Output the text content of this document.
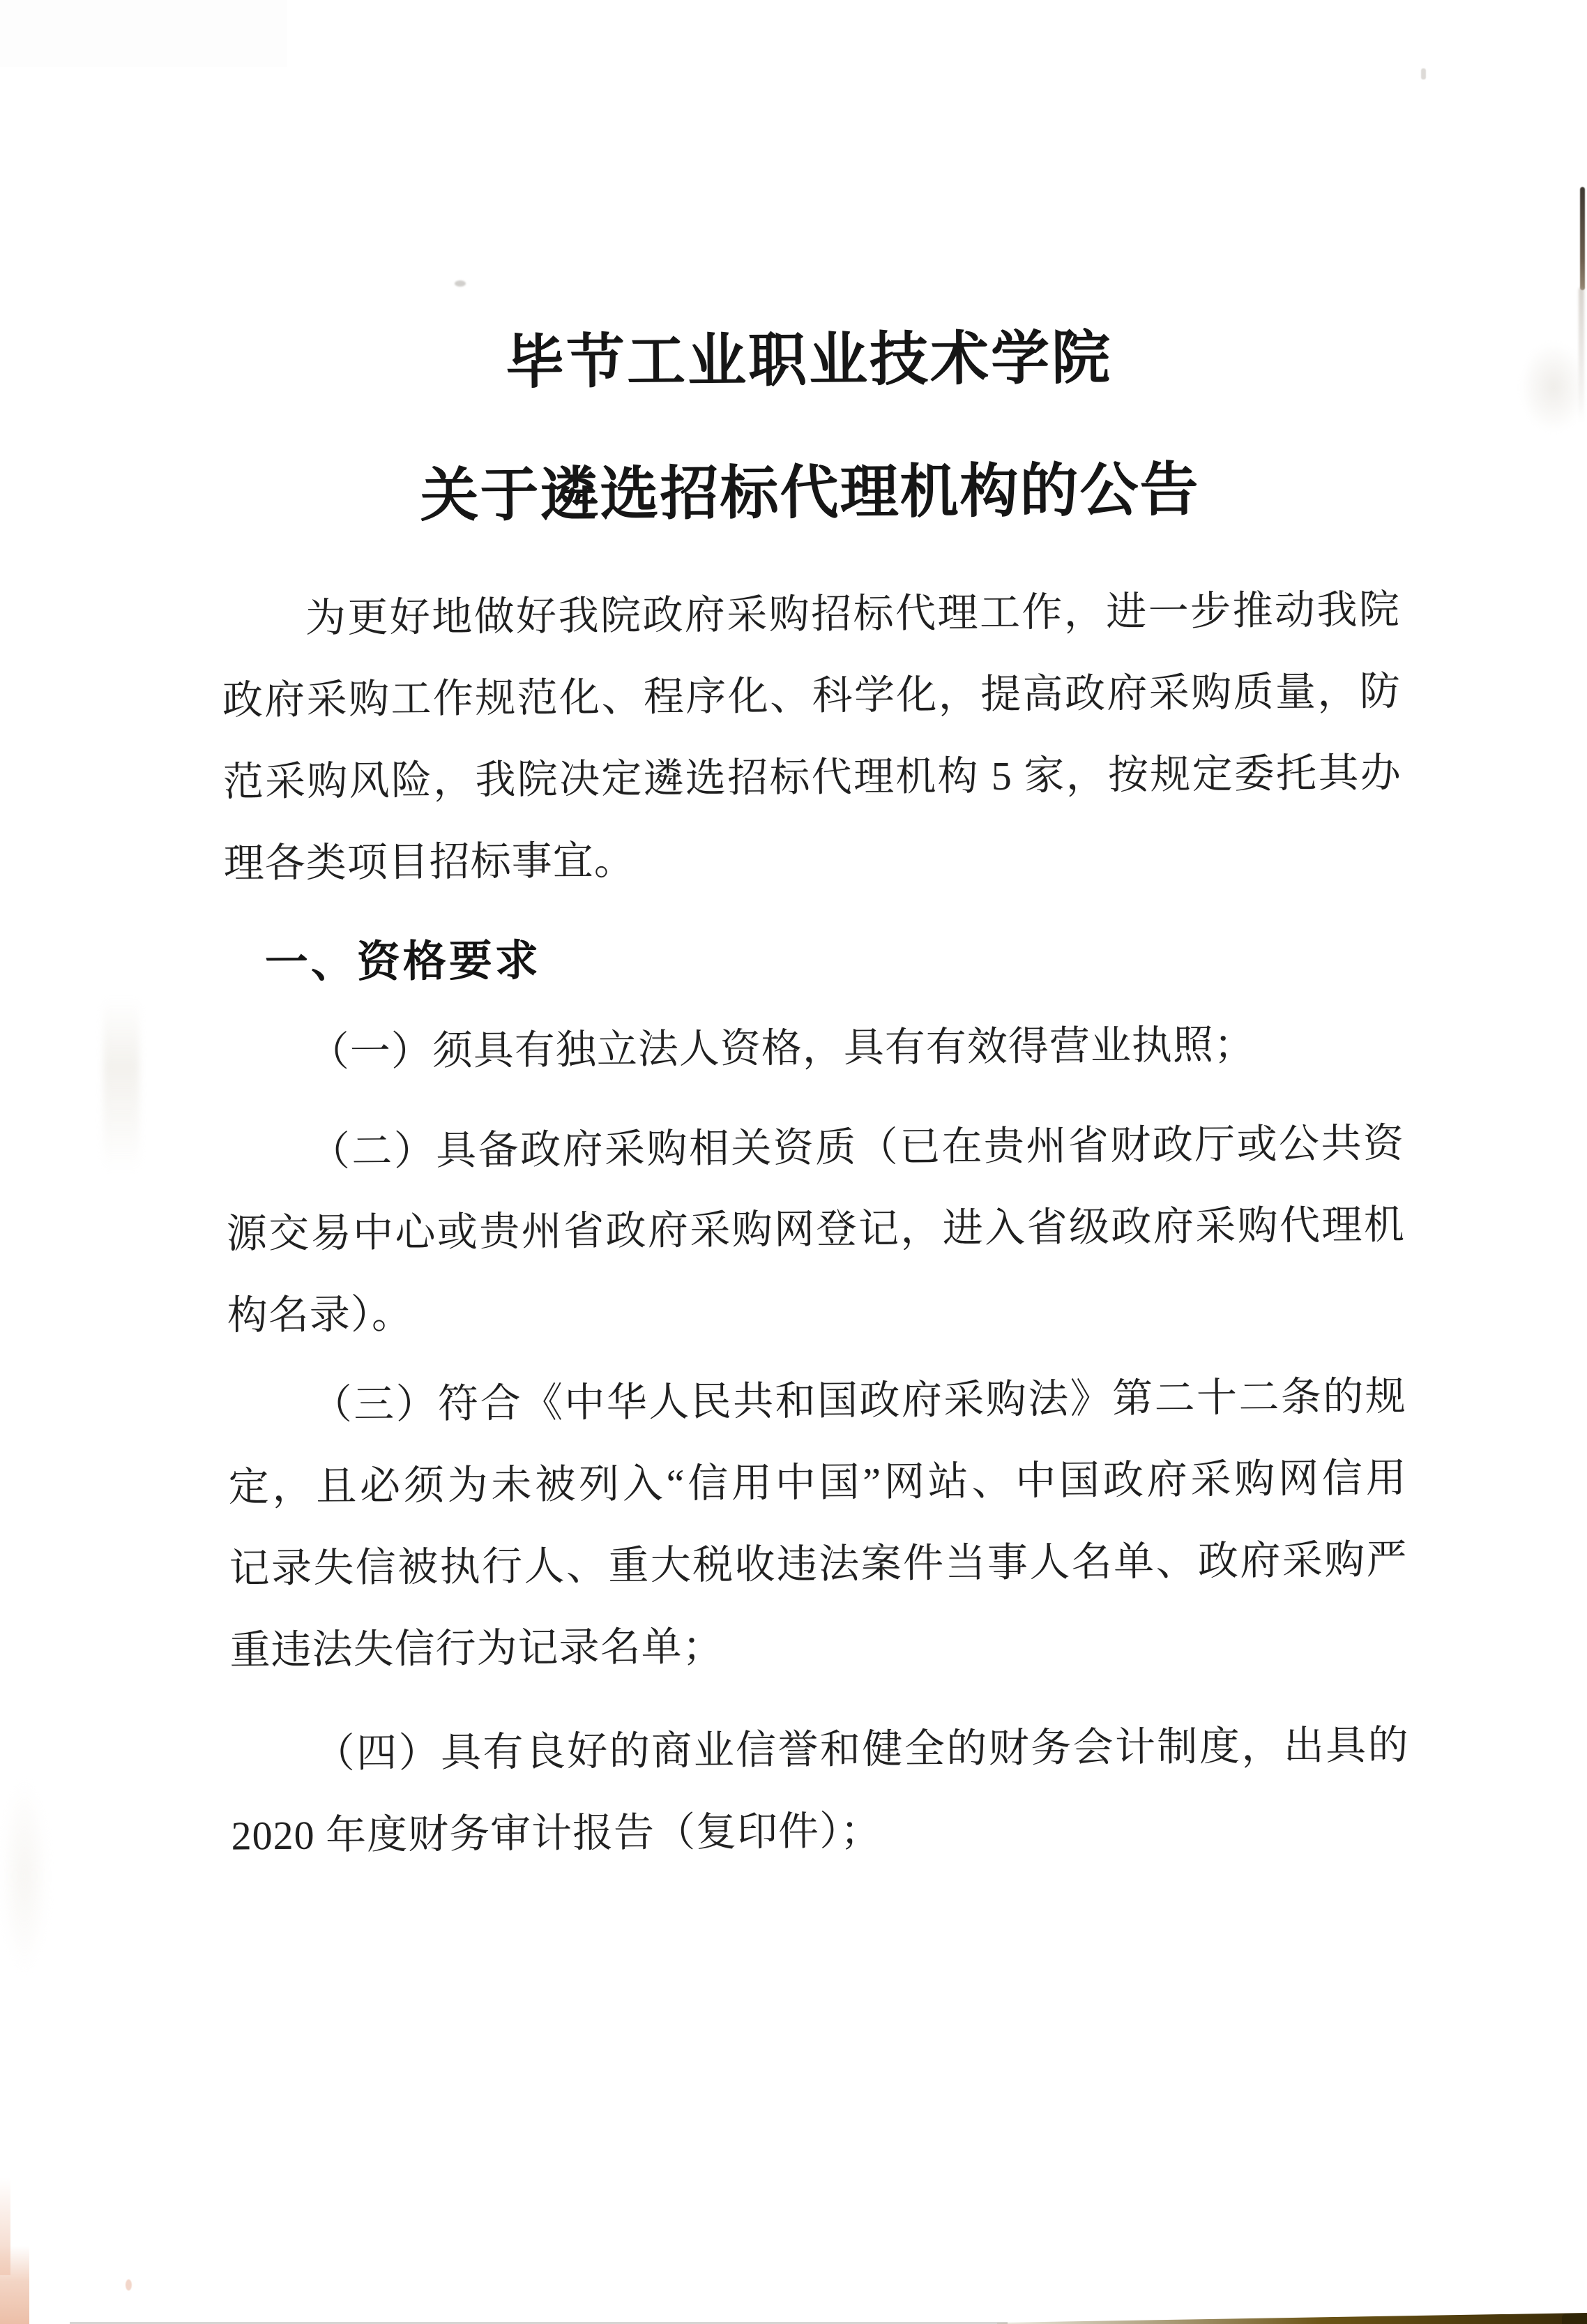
毕节工业职业技术学院
关于遴选招标代理机构的公告
为更好地做好我院政府采购招标代理工作，进一步推动我院
政府采购工作规范化、程序化、科学化，提高政府采购质量，防
范采购风险，我院决定遴选招标代理机构 5 家，按规定委托其办
理各类项目招标事宜。
一、资格要求
（一）须具有独立法人资格，具有有效得营业执照；
（二）具备政府采购相关资质（已在贵州省财政厅或公共资
源交易中心或贵州省政府采购网登记，进入省级政府采购代理机
构名录）。
（三）符合《中华人民共和国政府采购法》第二十二条的规
定，且必须为未被列入“信用中国”网站、中国政府采购网信用
记录失信被执行人、重大税收违法案件当事人名单、政府采购严
重违法失信行为记录名单；
（四）具有良好的商业信誉和健全的财务会计制度，出具的
2020 年度财务审计报告（复印件）；
